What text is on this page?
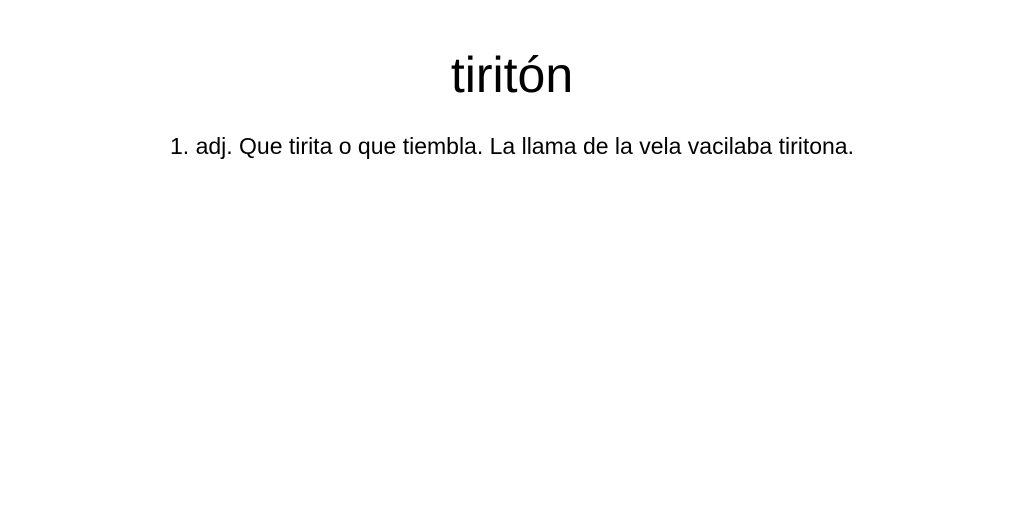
tiritón

1. adj. Que tirita o que tiembla. La llama de la vela vacilaba tiritona.
